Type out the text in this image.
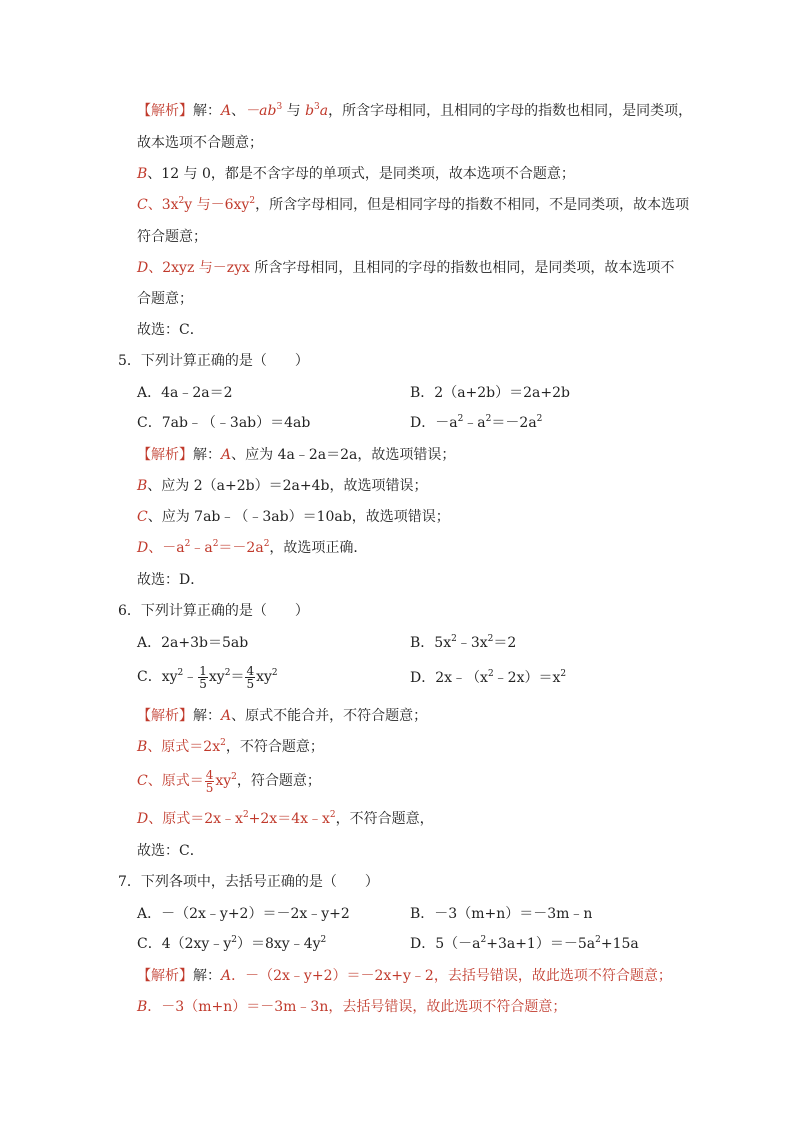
【解析】解：A、$-ab^3$ 与 $b^3a$，所含字母相同，且相同的字母的指数也相同，是同类项，
故本选项不合题意；
B、12 与 0，都是不含字母的单项式，是同类项，故本选项不合题意；
C、$3x^2y$ 与$-6xy^2$，所含字母相同，但是相同字母的指数不相同，不是同类项，故本选项
符合题意；
D、2xyz 与－zyx 所含字母相同，且相同的字母的指数也相同，是同类项，故本选项不
合题意；
故选：C．
5．下列计算正确的是（　　）
A．4a﹣2a＝2	B．2（a+2b）＝2a+2b
C．7ab﹣（﹣3ab）＝4ab	D．$-a^2﹣a^2=-2a^2$
【解析】解：A、应为 4a﹣2a＝2a，故选项错误；
B、应为 2（a+2b）＝2a+4b，故选项错误；
C、应为 7ab﹣（﹣3ab）＝10ab，故选项错误；
D、$-a^2﹣a^2=-2a^2$，故选项正确．
故选：D．
6．下列计算正确的是（　　）
A．2a+3b＝5ab	B．$5x^2﹣3x^2=2$
C．$xy^2﹣ \frac{1}{5} xy^2= \frac{4}{5} xy^2$	D．$2x﹣(x^2﹣2x)=x^2$
【解析】解：A、原式不能合并，不符合题意；
B、原式$=2x^2$，不符合题意；
C、原式＝ $\frac{4}{5} xy^2$，符合题意；
D、原式$=2x﹣x^2+2x=4x﹣x^2$，不符合题意，
故选：C．
7．下列各项中，去括号正确的是（　　）
A．－（2x﹣y+2）＝－2x﹣y+2	B．－3（m+n）＝－3m﹣n
C．$4(2xy﹣y^2)=8xy﹣4y^2$	D．$5(-a^2+3a+1)=-5a^2+15a$
【解析】解：A．－（2x﹣y+2）＝－2x+y﹣2，去括号错误，故此选项不符合题意；
B．－3（m+n）＝－3m﹣3n，去括号错误，故此选项不符合题意；
